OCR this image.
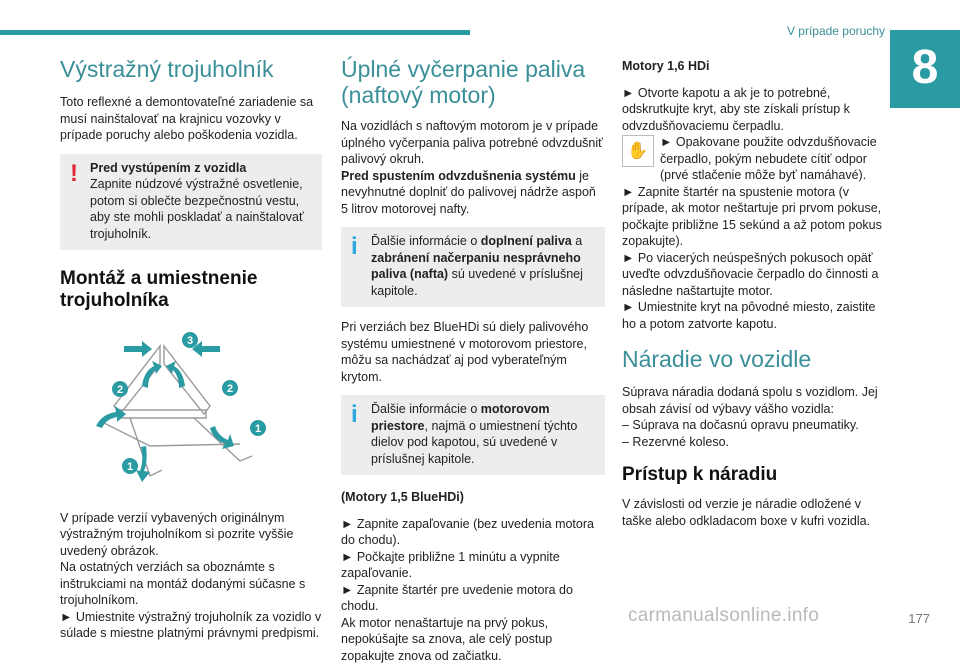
V prípade poruchy
8
Výstražný trojuholník

Toto reflexné a demontovateľné zariadenie sa musí nainštalovať na krajnicu vozovky v prípade poruchy alebo poškodenia vozidla.

! Pred vystúpením z vozidla
Zapnite núdzové výstražné osvetlenie, potom si oblečte bezpečnostnú vestu, aby ste mohli poskladať a nainštalovať trojuholník.
Montáž a umiestnenie trojuholníka
3
2	2
1
1

V prípade verzií vybavených originálnym výstražným trojuholníkom si pozrite vyššie uvedený obrázok.

Na ostatných verziách sa oboznámte s inštrukciami na montáž dodanými súčasne s trojuholníkom.

► Umiestnite výstražný trojuholník za vozidlo v súlade s miestne platnými právnymi predpismi.

Úplné vyčerpanie paliva (naftový motor)

Na vozidlách s naftovým motorom je v prípade úplného vyčerpania paliva potrebné odvzdušniť palivový okruh.

Pred spustením odvzdušnenia systému je nevyhnutné doplniť do palivovej nádrže aspoň 5 litrov motorovej nafty.

i	Ďalšie informácie o doplnení paliva a zabránení načerpaniu nesprávneho paliva (nafta) sú uvedené v príslušnej kapitole.

Pri verziách bez BlueHDi sú diely palivového systému umiestnené v motorovom priestore, môžu sa nachádzať aj pod vyberateľným krytom.

i	Ďalšie informácie o motorovom priestore, najmä o umiestnení týchto dielov pod kapotou, sú uvedené v príslušnej kapitole.

(Motory 1,5 BlueHDi)

► Zapnite zapaľovanie (bez uvedenia motora do chodu).

► Počkajte približne 1 minútu a vypnite zapaľovanie.

► Zapnite štartér pre uvedenie motora do chodu.

Ak motor nenaštartuje na prvý pokus, nepokúšajte sa znova, ale celý postup zopakujte znova od začiatku.

Motory 1,6 HDi

► Otvorte kapotu a ak je to potrebné, odskrutkujte kryt, aby ste získali prístup k odvzdušňovaciemu čerpadlu.

✋ ► Opakovane použite odvzdušňovacie čerpadlo, pokým nebudete cítiť odpor (prvé stlačenie môže byť namáhavé).

► Zapnite štartér na spustenie motora (v prípade, ak motor neštartuje pri prvom pokuse, počkajte približne 15 sekúnd a až potom pokus zopakujte).

► Po viacerých neúspešných pokusoch opäť uveďte odvzdušňovacie čerpadlo do činnosti a následne naštartujte motor.

► Umiestnite kryt na pôvodné miesto, zaistite ho a potom zatvorte kapotu.

Náradie vo vozidle

Súprava náradia dodaná spolu s vozidlom. Jej obsah závisí od výbavy vášho vozidla:

– Súprava na dočasnú opravu pneumatiky.

– Rezervné koleso.

Prístup k náradiu

V závislosti od verzie je náradie odložené v taške alebo odkladacom boxe v kufri vozidla.

carmanualsonline.info	177
